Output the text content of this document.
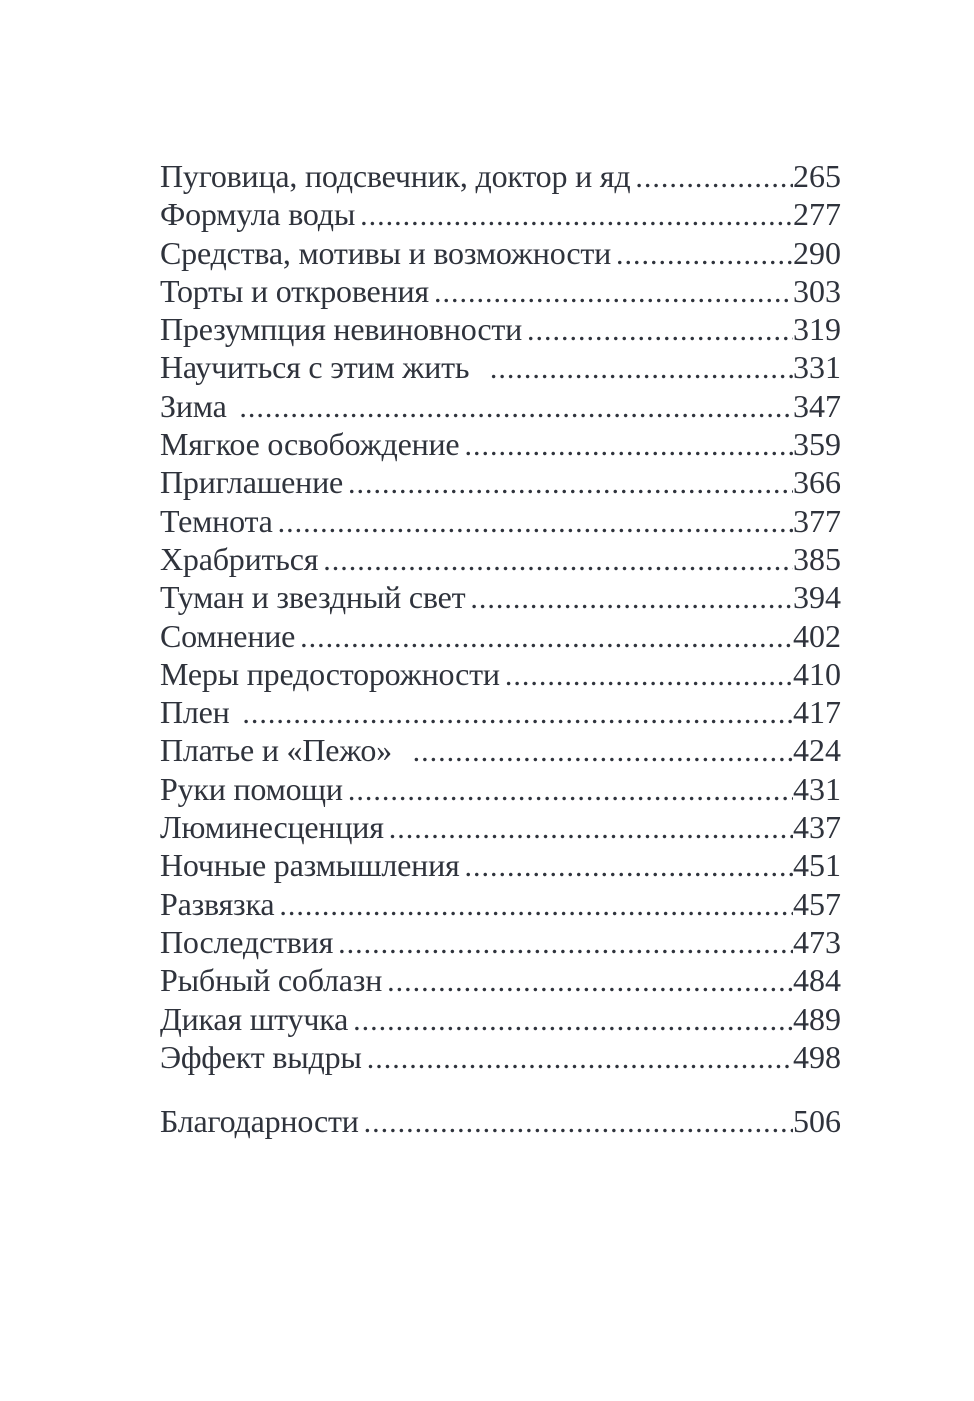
Пуговица, подсвечник, доктор и яд .....	265
Формула воды .....	277
Средства, мотивы и возможности .....	290
Торты и откровения .....	303
Презумпция невиновности .....	319
Научиться с этим жить .....	331
Зима .....	347
Мягкое освобождение .....	359
Приглашение .....	366
Темнота .....	377
Храбриться .....	385
Туман и звездный свет .....	394
Сомнение .....	402
Меры предосторожности .....	410
Плен .....	417
Платье и «Пежо» .....	424
Руки помощи .....	431
Люминесценция .....	437
Ночные размышления .....	451
Развязка .....	457
Последствия .....	473
Рыбный соблазн .....	484
Дикая штучка .....	489
Эффект выдры .....	498
Благодарности .....	506
